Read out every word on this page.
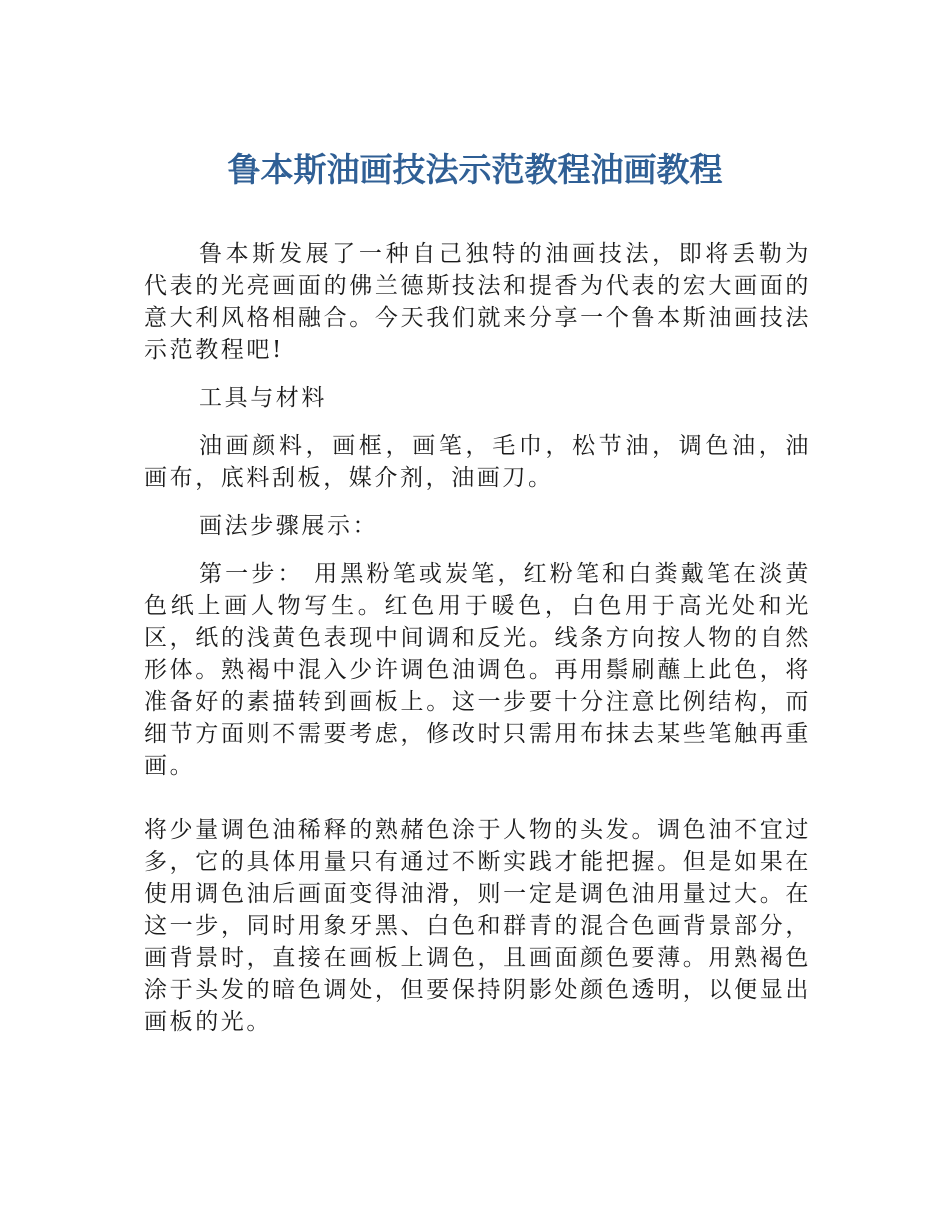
鲁本斯油画技法示范教程油画教程

鲁本斯发展了一种自己独特的油画技法，即将丢勒为代表的光亮画面的佛兰德斯技法和提香为代表的宏大画面的意大利风格相融合。今天我们就来分享一个鲁本斯油画技法示范教程吧!

工具与材料

油画颜料，画框，画笔，毛巾，松节油，调色油，油画布，底料刮板，媒介剂，油画刀。

画法步骤展示：

第一步： 用黑粉笔或炭笔，红粉笔和白粪戴笔在淡黄色纸上画人物写生。红色用于暖色，白色用于高光处和光区，纸的浅黄色表现中间调和反光。线条方向按人物的自然形体。熟褐中混入少许调色油调色。再用鬃刷蘸上此色，将准备好的素描转到画板上。这一步要十分注意比例结构，而细节方面则不需要考虑，修改时只需用布抹去某些笔触再重画。

将少量调色油稀释的熟赭色涂于人物的头发。调色油不宜过多，它的具体用量只有通过不断实践才能把握。但是如果在使用调色油后画面变得油滑，则一定是调色油用量过大。在这一步，同时用象牙黑、白色和群青的混合色画背景部分，画背景时，直接在画板上调色，且画面颜色要薄。用熟褐色涂于头发的暗色调处，但要保持阴影处颜色透明，以便显出画板的光。
